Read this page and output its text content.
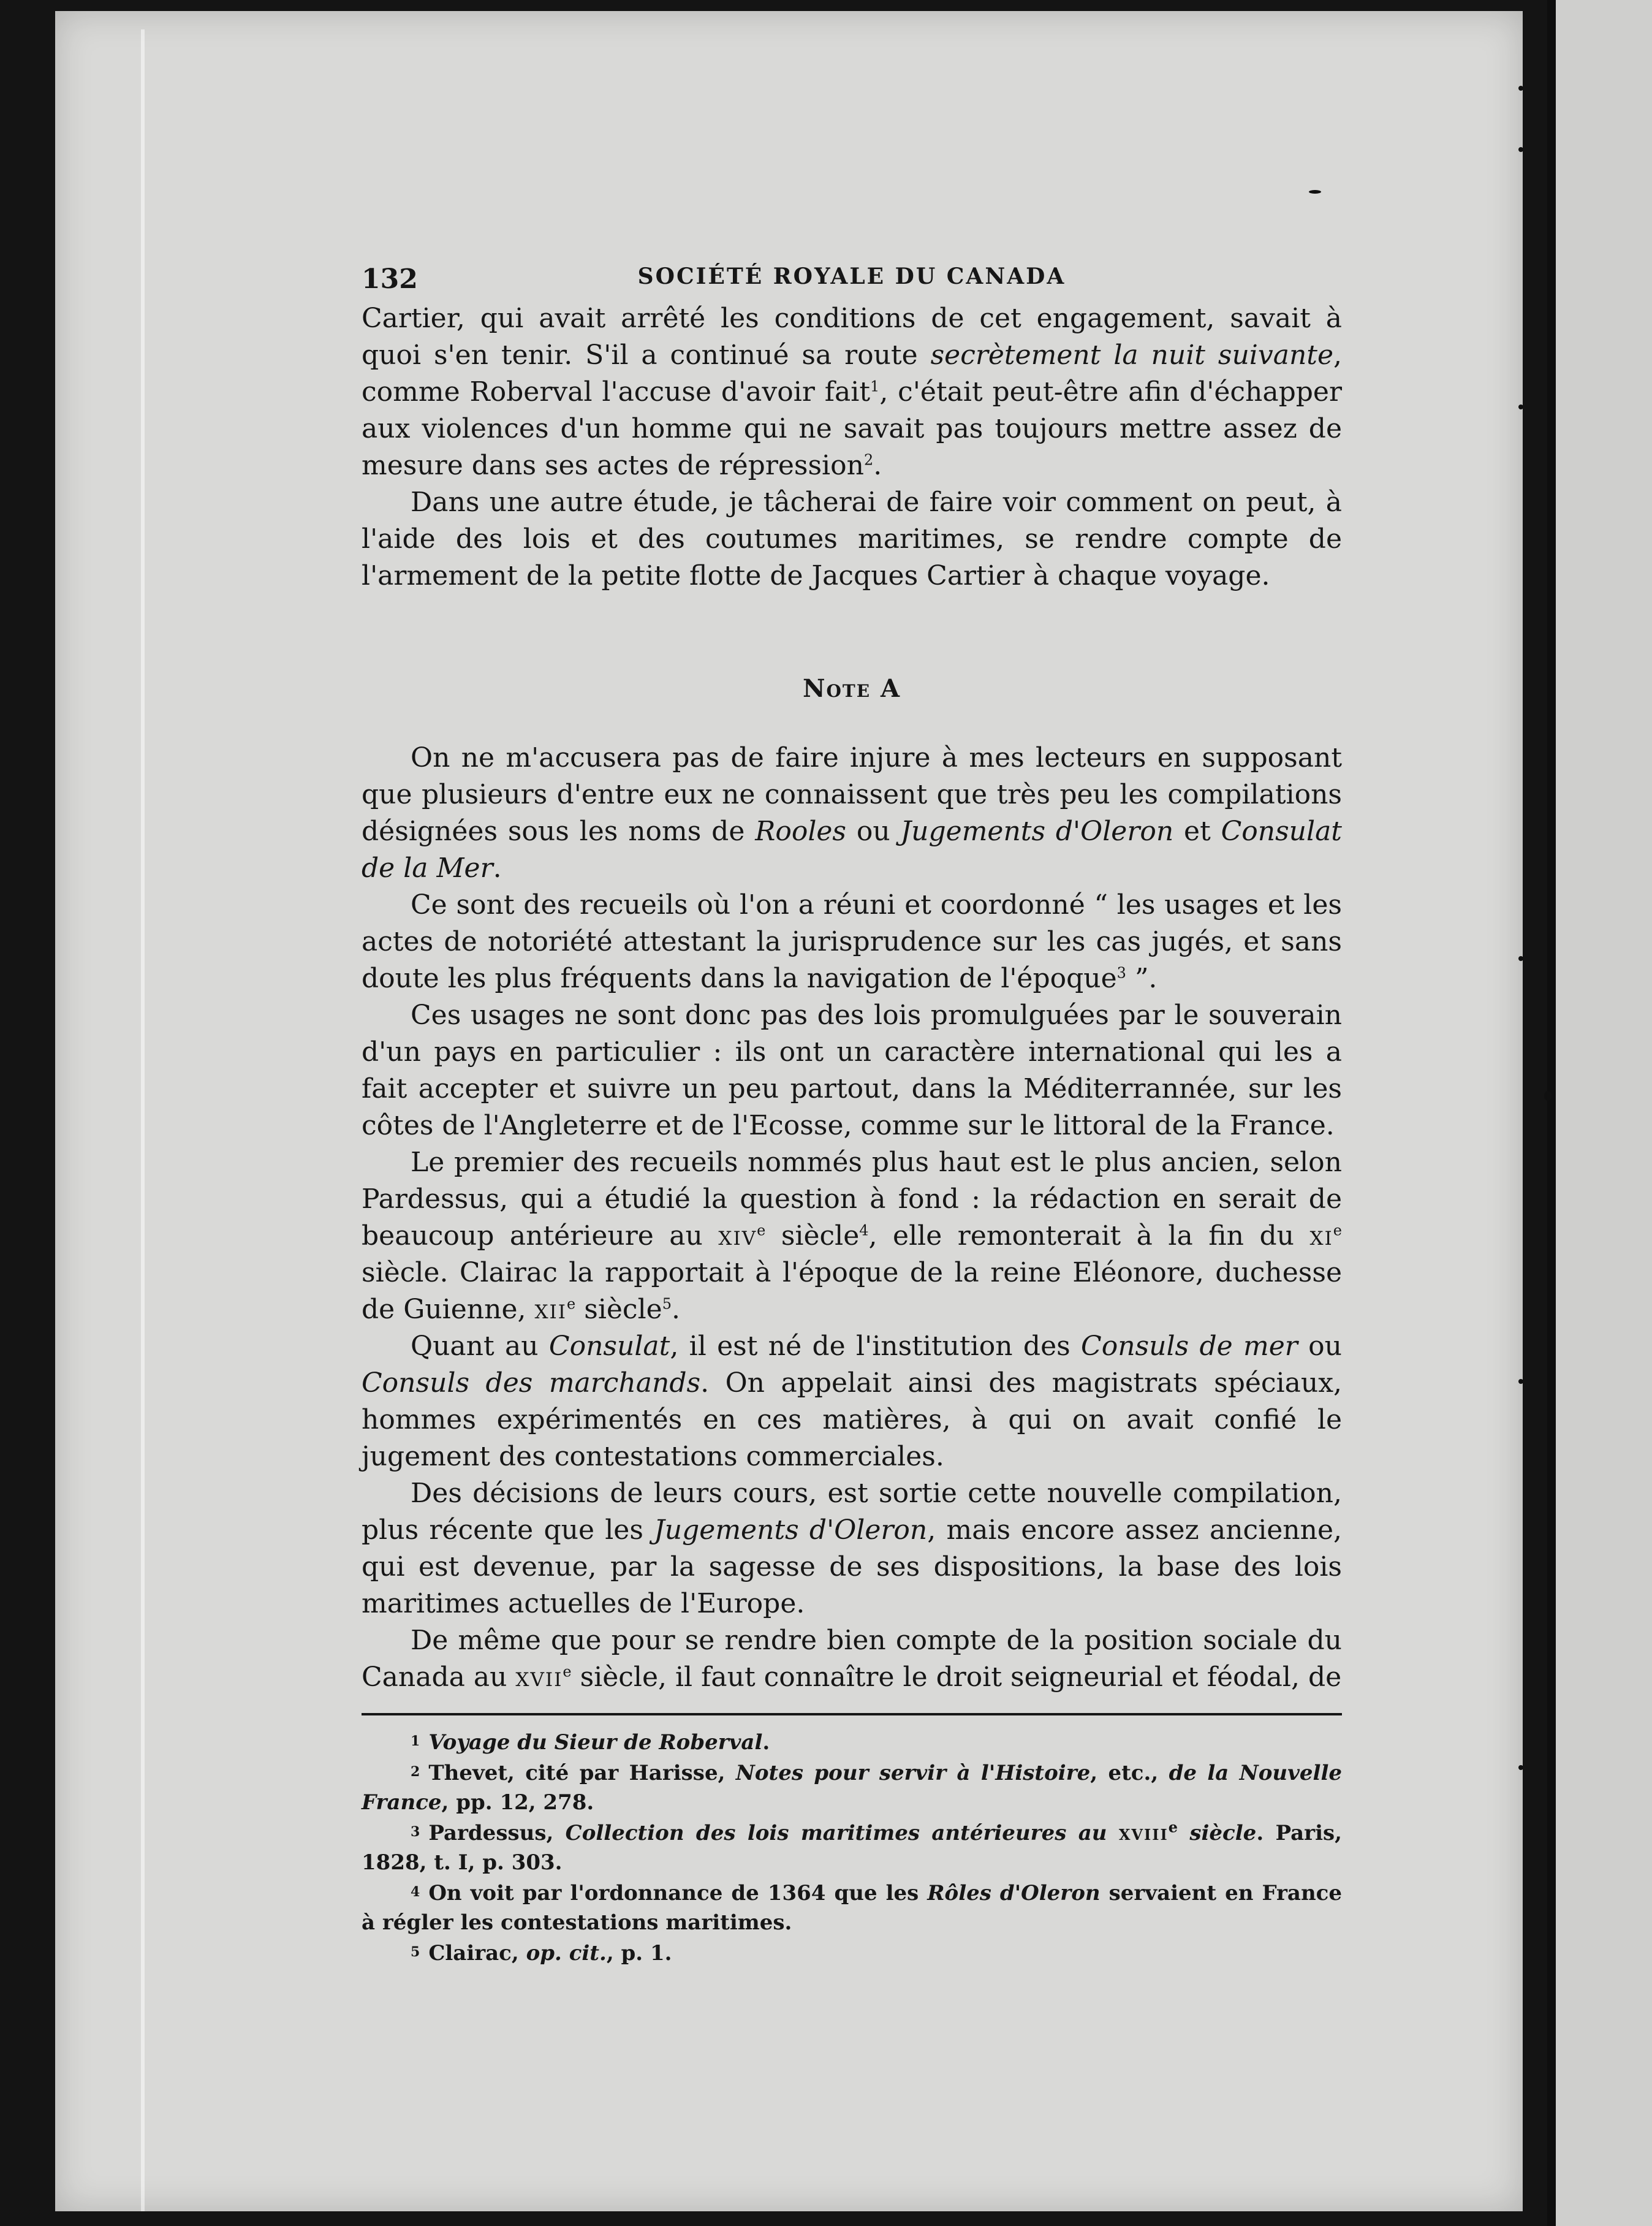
132	SOCIÉTÉ ROYALE DU CANADA

Cartier, qui avait arrêté les conditions de cet engagement, savait à quoi s'en tenir. S'il a continué sa route secrètement la nuit suivante, comme Roberval l'accuse d'avoir fait$^1$, c'était peut-être afin d'échapper aux violences d'un homme qui ne savait pas toujours mettre assez de mesure dans ses actes de répression$^2$.

Dans une autre étude, je tâcherai de faire voir comment on peut, à l'aide des lois et des coutumes maritimes, se rendre compte de l'armement de la petite flotte de Jacques Cartier à chaque voyage.

Note A

On ne m'accusera pas de faire injure à mes lecteurs en supposant que plusieurs d'entre eux ne connaissent que très peu les compilations désignées sous les noms de Rooles ou Jugements d'Oleron et Consulat de la Mer.

Ce sont des recueils où l'on a réuni et coordonné “ les usages et les actes de notoriété attestant la jurisprudence sur les cas jugés, et sans doute les plus fréquents dans la navigation de l'époque$^3$ ”.

Ces usages ne sont donc pas des lois promulguées par le souverain d'un pays en particulier : ils ont un caractère international qui les a fait accepter et suivre un peu partout, dans la Méditerrannée, sur les côtes de l'Angleterre et de l'Ecosse, comme sur le littoral de la France.

Le premier des recueils nommés plus haut est le plus ancien, selon Pardessus, qui a étudié la question à fond : la rédaction en serait de beaucoup antérieure au xiv$^e$ siècle$^4$, elle remonterait à la fin du $xi^e$ siècle. Clairac la rapportait à l'époque de la reine Eléonore, duchesse de Guienne, xii$^e$ siècle$^5$.

Quant au Consulat, il est né de l'institution des Consuls de mer ou Consuls des marchands. On appelait ainsi des magistrats spéciaux, hommes expérimentés en ces matières, à qui on avait confié le jugement des contestations commerciales.

Des décisions de leurs cours, est sortie cette nouvelle compilation, plus récente que les Jugements d'Oleron, mais encore assez ancienne, qui est devenue, par la sagesse de ses dispositions, la base des lois maritimes actuelles de l'Europe.

De même que pour se rendre bien compte de la position sociale du Canada au xvii$^e$ siècle, il faut connaître le droit seigneurial et féodal, de

1 Voyage du Sieur de Roberval.

2 Thevet, cité par Harisse, Notes pour servir à l'Histoire, etc., de la Nouvelle France, pp. 12, 278.

3 Pardessus, Collection des lois maritimes antérieures au xviii$^e$ siècle. Paris, 1828, t. I, p. 303.

4 On voit par l'ordonnance de 1364 que les Rôles d'Oleron servaient en France à régler les contestations maritimes.

5 Clairac, op. cit., p. 1.
